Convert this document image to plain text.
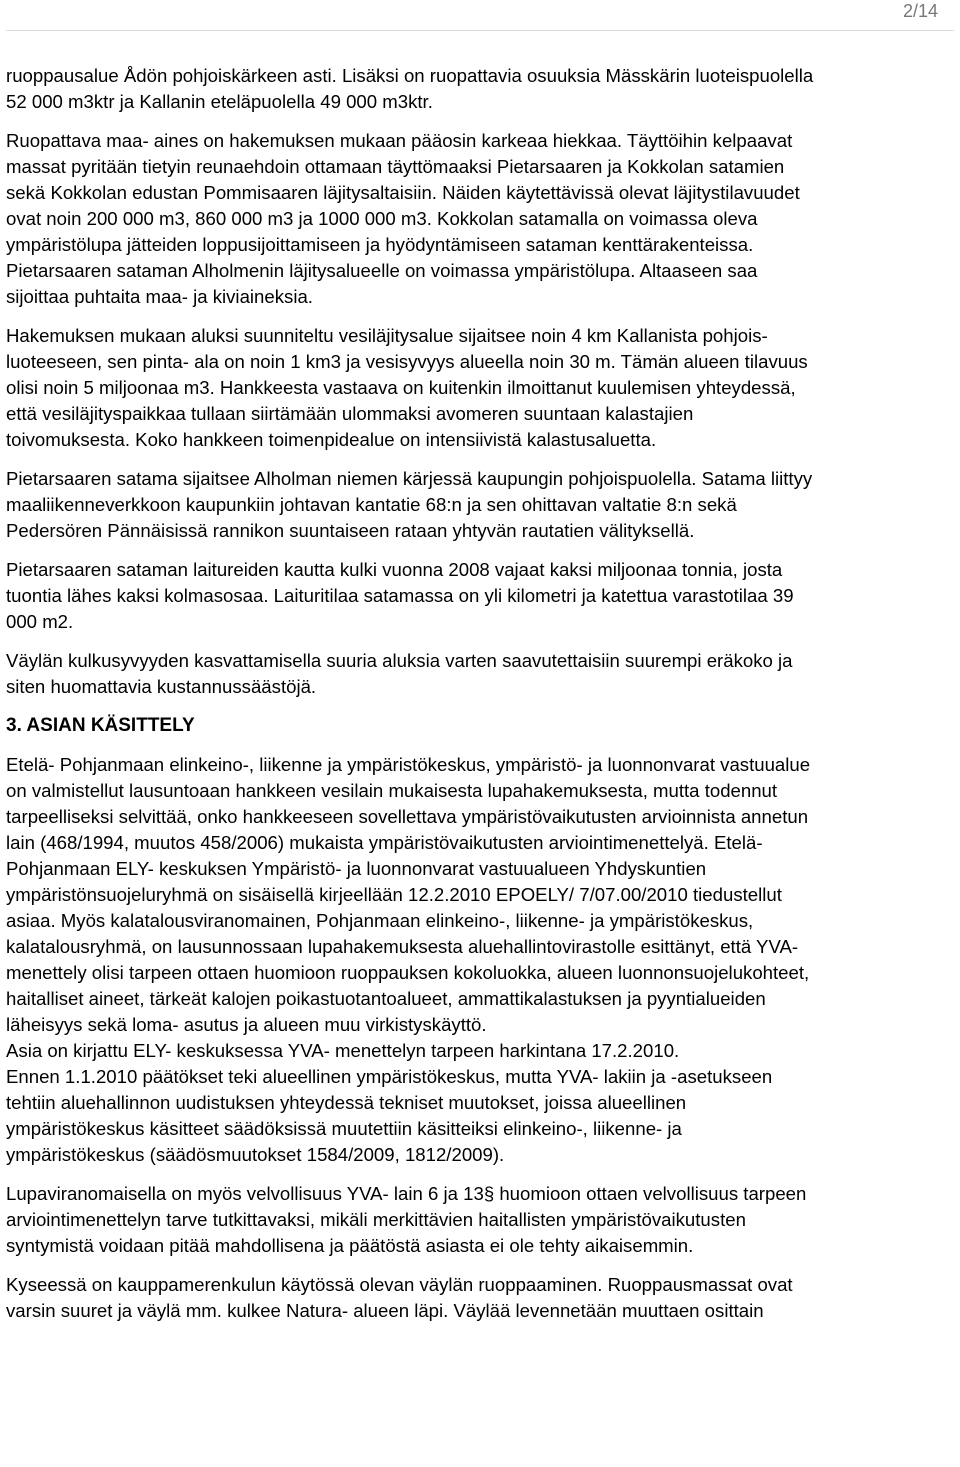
2/14

ruoppausalue Ådön pohjoiskärkeen asti. Lisäksi on ruopattavia osuuksia Mässkärin luoteispuolella
52 000 m3ktr ja Kallanin eteläpuolella 49 000 m3ktr.

Ruopattava maa- aines on hakemuksen mukaan pääosin karkeaa hiekkaa. Täyttöihin kelpaavat
massat pyritään tietyin reunaehdoin ottamaan täyttömaaksi Pietarsaaren ja Kokkolan satamien
sekä Kokkolan edustan Pommisaaren läjitysaltaisiin. Näiden käytettävissä olevat läjitystilavuudet
ovat noin 200 000 m3, 860 000 m3 ja 1000 000 m3. Kokkolan satamalla on voimassa oleva
ympäristölupa jätteiden loppusijoittamiseen ja hyödyntämiseen sataman kenttärakenteissa.
Pietarsaaren sataman Alholmenin läjitysalueelle on voimassa ympäristölupa. Altaaseen saa
sijoittaa puhtaita maa- ja kiviaineksia.

Hakemuksen mukaan aluksi suunniteltu vesiläjitysalue sijaitsee noin 4 km Kallanista pohjois-
luoteeseen, sen pinta- ala on noin 1 km3 ja vesisyvyys alueella noin 30 m. Tämän alueen tilavuus
olisi noin 5 miljoonaa m3. Hankkeesta vastaava on kuitenkin ilmoittanut kuulemisen yhteydessä,
että vesiläjityspaikkaa tullaan siirtämään ulommaksi avomeren suuntaan kalastajien
toivomuksesta. Koko hankkeen toimenpidealue on intensiivistä kalastusaluetta.

Pietarsaaren satama sijaitsee Alholman niemen kärjessä kaupungin pohjoispuolella. Satama liittyy
maaliikenneverkkoon kaupunkiin johtavan kantatie 68:n ja sen ohittavan valtatie 8:n sekä
Pedersören Pännäisissä rannikon suuntaiseen rataan yhtyvän rautatien välityksellä.

Pietarsaaren sataman laitureiden kautta kulki vuonna 2008 vajaat kaksi miljoonaa tonnia, josta
tuontia lähes kaksi kolmasosaa. Laituritilaa satamassa on yli kilometri ja katettua varastotilaa 39
000 m2.

Väylän kulkusyvyyden kasvattamisella suuria aluksia varten saavutettaisiin suurempi eräkoko ja
siten huomattavia kustannussäästöjä.

3. ASIAN KÄSITTELY

Etelä- Pohjanmaan elinkeino-, liikenne ja ympäristökeskus, ympäristö- ja luonnonvarat vastuualue
on valmistellut lausuntoaan hankkeen vesilain mukaisesta lupahakemuksesta, mutta todennut
tarpeelliseksi selvittää, onko hankkeeseen sovellettava ympäristövaikutusten arvioinnista annetun
lain (468/1994, muutos 458/2006) mukaista ympäristövaikutusten arviointimenettelyä. Etelä-
Pohjanmaan ELY- keskuksen Ympäristö- ja luonnonvarat vastuualueen Yhdyskuntien
ympäristönsuojeluryhmä on sisäisellä kirjeellään 12.2.2010 EPOELY/ 7/07.00/2010 tiedustellut
asiaa. Myös kalatalousviranomainen, Pohjanmaan elinkeino-, liikenne- ja ympäristökeskus,
kalatalousryhmä, on lausunnossaan lupahakemuksesta aluehallintovirastolle esittänyt, että YVA-
menettely olisi tarpeen ottaen huomioon ruoppauksen kokoluokka, alueen luonnonsuojelukohteet,
haitalliset aineet, tärkeät kalojen poikastuotantoalueet, ammattikalastuksen ja pyyntialueiden
läheisyys sekä loma- asutus ja alueen muu virkistyskäyttö.

Asia on kirjattu ELY- keskuksessa YVA- menettelyn tarpeen harkintana 17.2.2010.

Ennen 1.1.2010 päätökset teki alueellinen ympäristökeskus, mutta YVA- lakiin ja -asetukseen
tehtiin aluehallinnon uudistuksen yhteydessä tekniset muutokset, joissa alueellinen
ympäristökeskus käsitteet säädöksissä muutettiin käsitteiksi elinkeino-, liikenne- ja
ympäristökeskus (säädösmuutokset 1584/2009, 1812/2009).

Lupaviranomaisella on myös velvollisuus YVA- lain 6 ja 13§ huomioon ottaen velvollisuus tarpeen
arviointimenettelyn tarve tutkittavaksi, mikäli merkittävien haitallisten ympäristövaikutusten
syntymistä voidaan pitää mahdollisena ja päätöstä asiasta ei ole tehty aikaisemmin.

Kyseessä on kauppamerenkulun käytössä olevan väylän ruoppaaminen. Ruoppausmassat ovat
varsin suuret ja väylä mm. kulkee Natura- alueen läpi. Väylää levennetään muuttaen osittain
